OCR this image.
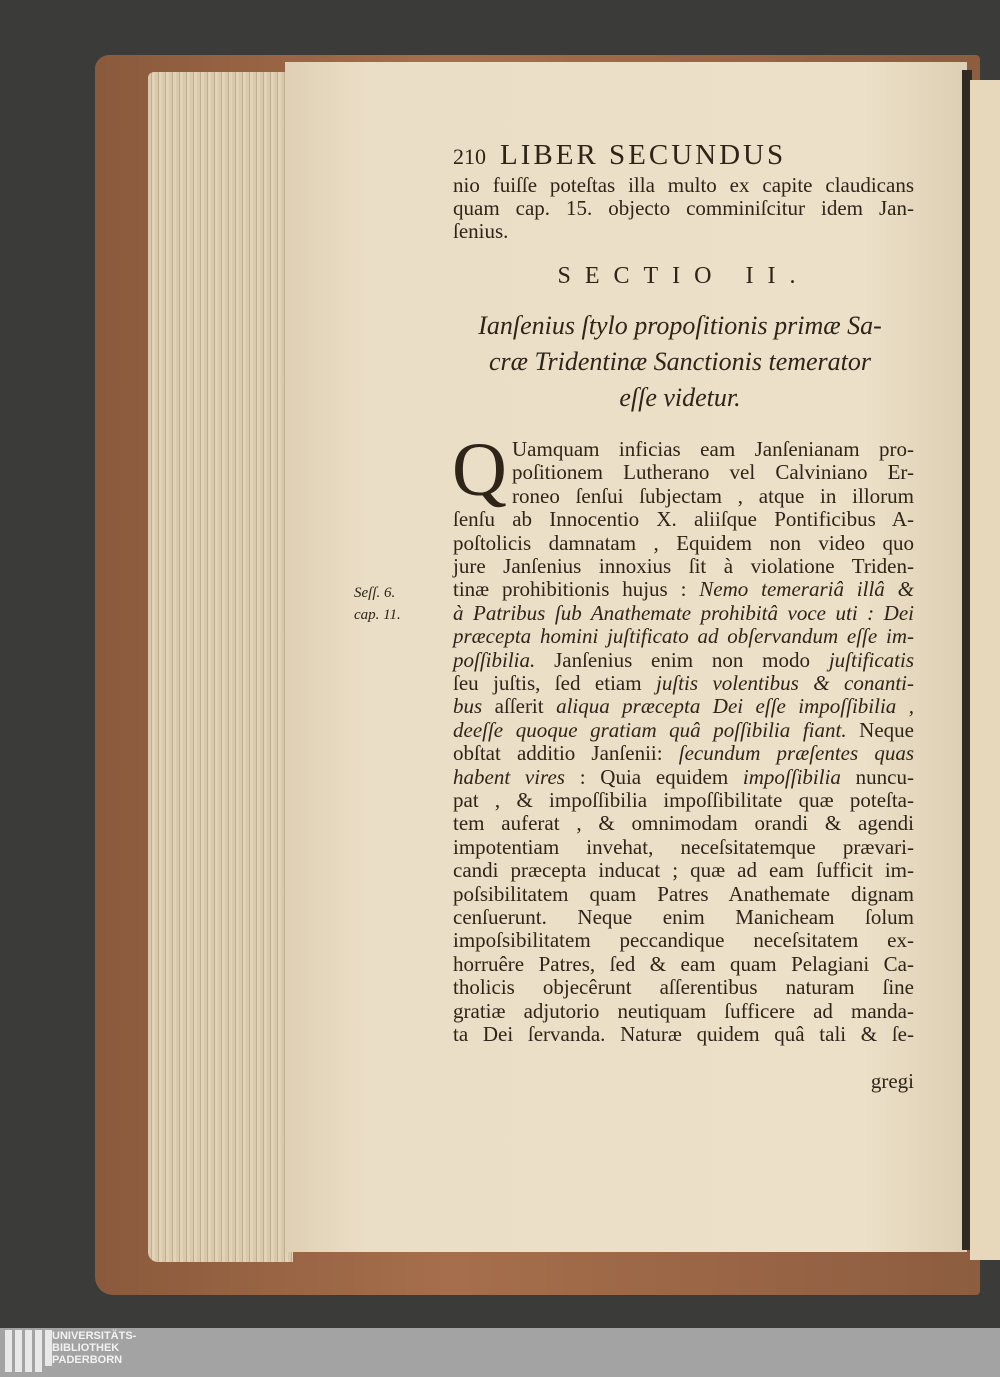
210 LIBER SECUNDUS
nio fuiſſe poteſtas illa multo ex capite claudicans
quam cap. 15. objecto comminiſcitur idem Jan-
ſenius.
SECTIO II.
Ianſenius ſtylo propoſitionis primæ Sa-
cræ Tridentinæ Sanctionis temerator
eſſe videtur.
Q
Seſſ. 6.
cap. 11.
Uamquam inficias eam Janſenianam pro-
poſitionem Lutherano vel Calviniano Er-
roneo ſenſui ſubjectam , atque in illorum
ſenſu ab Innocentio X. aliiſque Pontificibus A-
poſtolicis damnatam , Equidem non video quo
jure Janſenius innoxius ſit à violatione Triden-
tinæ prohibitionis hujus : Nemo temerariâ illâ &
à Patribus ſub Anathemate prohibitâ voce uti : Dei
præcepta homini juſtificato ad obſervandum eſſe im-
poſſibilia. Janſenius enim non modo juſtificatis
ſeu juſtis, ſed etiam juſtis volentibus & conanti-
bus aſſerit aliqua præcepta Dei eſſe impoſſibilia ,
deeſſe quoque gratiam quâ poſſibilia fiant. Neque
obſtat additio Janſenii: ſecundum præſentes quas
habent vires : Quia equidem impoſſibilia nuncu-
pat , & impoſſibilia impoſſibilitate quæ poteſta-
tem auferat , & omnimodam orandi & agendi
impotentiam invehat, neceſsitatemque prævari-
candi præcepta inducat ; quæ ad eam ſufficit im-
poſsibilitatem quam Patres Anathemate dignam
cenſuerunt. Neque enim Manicheam ſolum
impoſsibilitatem peccandique neceſsitatem ex-
horruêre Patres, ſed & eam quam Pelagiani Ca-
tholicis objecêrunt aſſerentibus naturam ſine
gratiæ adjutorio neutiquam ſufficere ad manda-
ta Dei ſervanda. Naturæ quidem quâ tali & ſe-
gregi
UNIVERSITÄTS-
BIBLIOTHEK
PADERBORN
